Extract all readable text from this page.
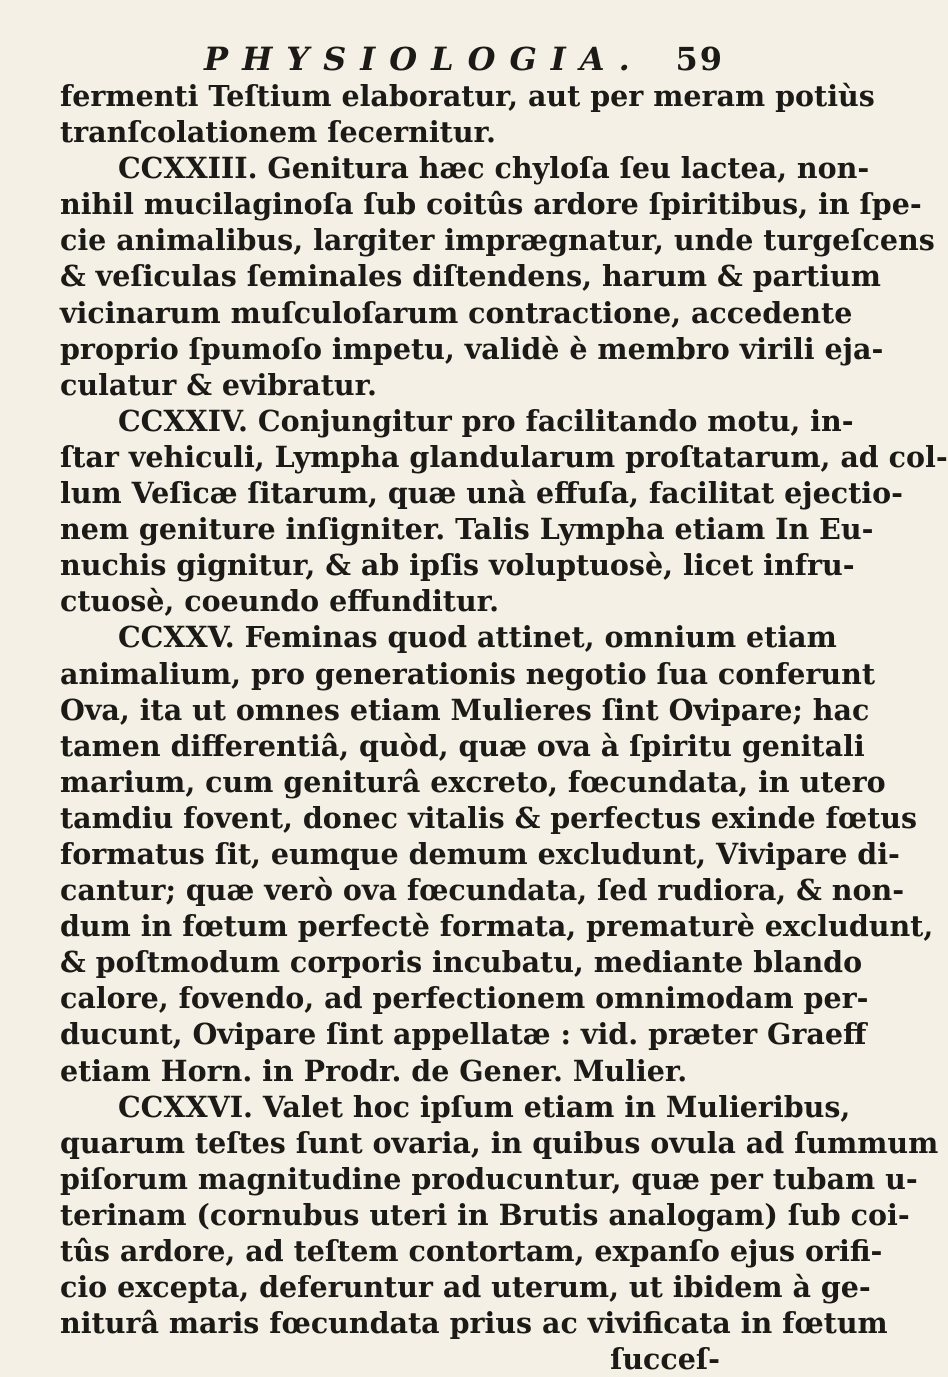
PHYSIOLOGIA. 59
fermenti Teſtium elaboratur, aut per meram potiùs
tranſcolationem ſecernitur.
CCXXIII. Genitura hæc chyloſa ſeu lactea, non-
nihil mucilaginoſa ſub coitûs ardore ſpiritibus, in ſpe-
cie animalibus, largiter imprægnatur, unde turgeſcens
& veſiculas ſeminales diſtendens, harum & partium
vicinarum muſculoſarum contractione, accedente
proprio ſpumoſo impetu, validè è membro virili eja-
culatur & evibratur.
CCXXIV. Conjungitur pro facilitando motu, in-
ſtar vehiculi, Lympha glandularum proſtatarum, ad col-
lum Veſicæ ſitarum, quæ unà effuſa, facilitat ejectio-
nem geniture inſigniter. Talis Lympha etiam In Eu-
nuchis gignitur, & ab ipſis voluptuosè, licet infru-
ctuosè, coeundo effunditur.
CCXXV. Feminas quod attinet, omnium etiam
animalium, pro generationis negotio ſua conferunt
Ova, ita ut omnes etiam Mulieres ſint Ovipare; hac
tamen differentiâ, quòd, quæ ova à ſpiritu genitali
marium, cum geniturâ excreto, fœcundata, in utero
tamdiu fovent, donec vitalis & perfectus exinde fœtus
formatus ſit, eumque demum excludunt, Vivipare di-
cantur; quæ verò ova fœcundata, ſed rudiora, & non-
dum in fœtum perfectè formata, prematurè excludunt,
& poſtmodum corporis incubatu, mediante blando
calore, fovendo, ad perfectionem omnimodam per-
ducunt, Ovipare ſint appellatæ : vid. præter Graeff
etiam Horn. in Prodr. de Gener. Mulier.
CCXXVI. Valet hoc ipſum etiam in Mulieribus,
quarum teſtes ſunt ovaria, in quibus ovula ad ſummum
piſorum magnitudine producuntur, quæ per tubam u-
terinam (cornubus uteri in Brutis analogam) ſub coi-
tûs ardore, ad teſtem contortam, expanſo ejus orifi-
cio excepta, deferuntur ad uterum, ut ibidem à ge-
niturâ maris fœcundata prius ac vivificata in fœtum
ſucceſ-
